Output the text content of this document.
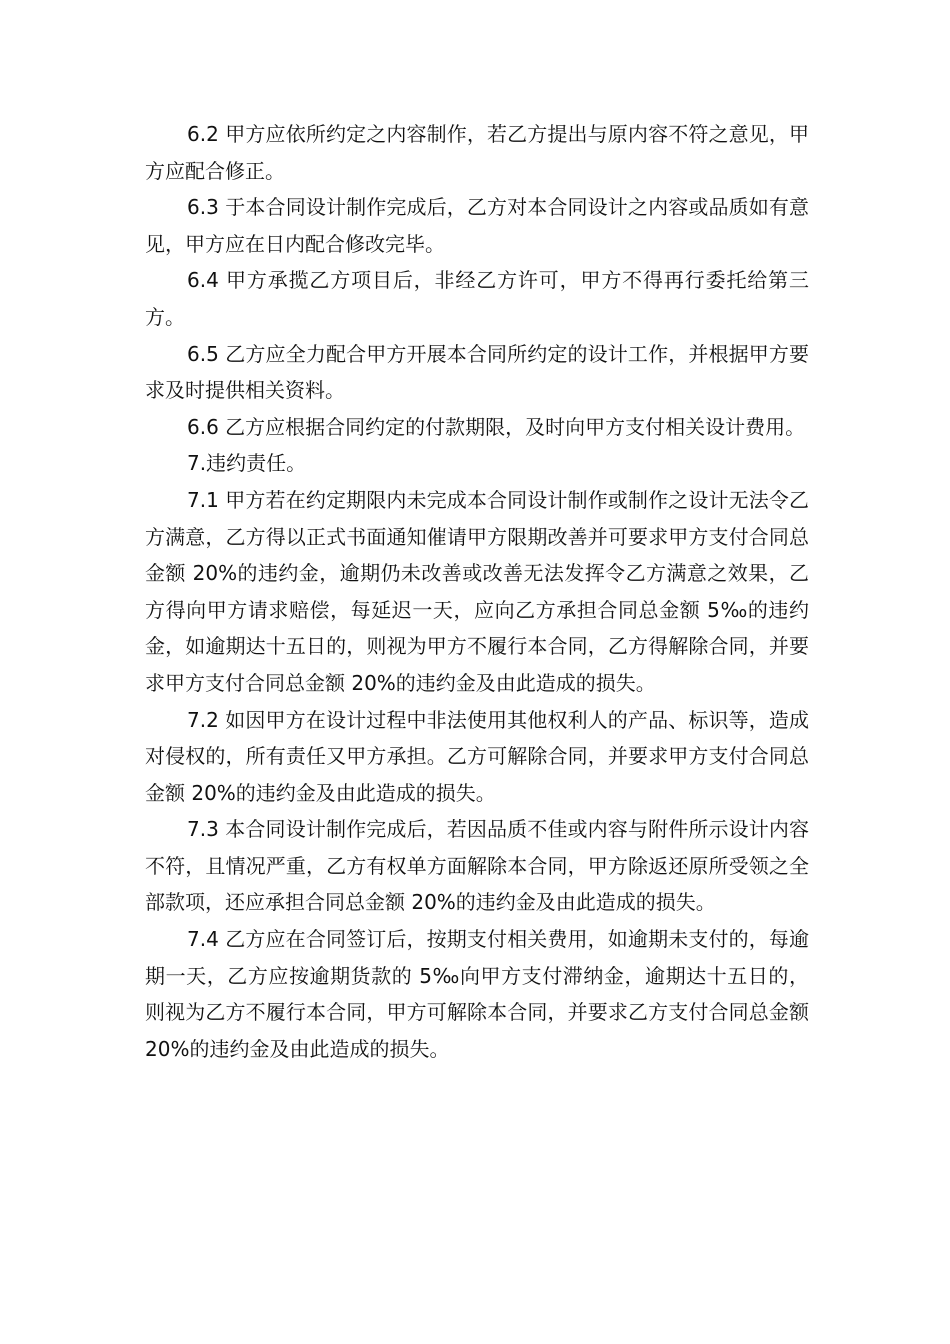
6.2 甲方应依所约定之内容制作，若乙方提出与原内容不符之意见，甲方应配合修正。

6.3 于本合同设计制作完成后，乙方对本合同设计之内容或品质如有意见，甲方应在日内配合修改完毕。

6.4 甲方承揽乙方项目后，非经乙方许可，甲方不得再行委托给第三方。

6.5 乙方应全力配合甲方开展本合同所约定的设计工作，并根据甲方要求及时提供相关资料。

6.6 乙方应根据合同约定的付款期限，及时向甲方支付相关设计费用。

7.违约责任。

7.1 甲方若在约定期限内未完成本合同设计制作或制作之设计无法令乙方满意，乙方得以正式书面通知催请甲方限期改善并可要求甲方支付合同总金额 20%的违约金，逾期仍未改善或改善无法发挥令乙方满意之效果，乙方得向甲方请求赔偿，每延迟一天，应向乙方承担合同总金额 5‰的违约金，如逾期达十五日的，则视为甲方不履行本合同，乙方得解除合同，并要求甲方支付合同总金额 20%的违约金及由此造成的损失。

7.2 如因甲方在设计过程中非法使用其他权利人的产品、标识等，造成对侵权的，所有责任又甲方承担。乙方可解除合同，并要求甲方支付合同总金额 20%的违约金及由此造成的损失。

7.3 本合同设计制作完成后，若因品质不佳或内容与附件所示设计内容不符，且情况严重，乙方有权单方面解除本合同，甲方除返还原所受领之全部款项，还应承担合同总金额 20%的违约金及由此造成的损失。

7.4 乙方应在合同签订后，按期支付相关费用，如逾期未支付的，每逾期一天，乙方应按逾期货款的 5‰向甲方支付滞纳金，逾期达十五日的，则视为乙方不履行本合同，甲方可解除本合同，并要求乙方支付合同总金额 20%的违约金及由此造成的损失。
